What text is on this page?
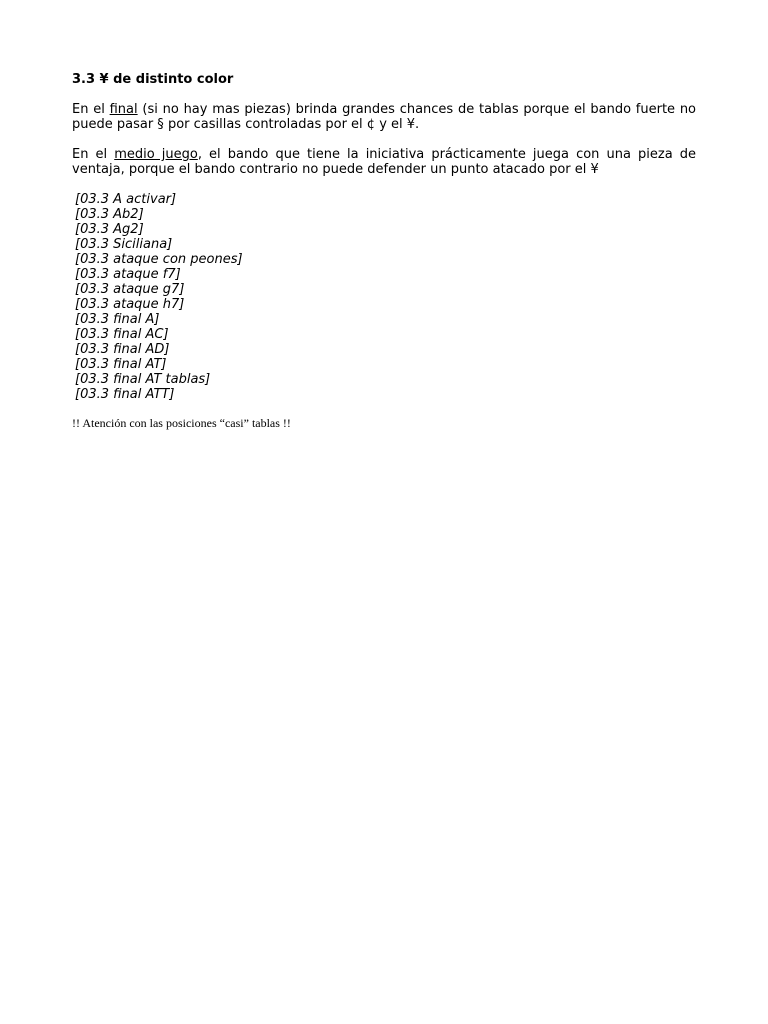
3.3 ¥ de distinto color

En el final (si no hay mas piezas) brinda grandes chances de tablas porque el bando fuerte no puede pasar § por casillas controladas por el ¢ y el ¥.

En el medio juego, el bando que tiene la iniciativa prácticamente juega con una pieza de ventaja, porque el bando contrario no puede defender un punto atacado por el ¥

[03.3 A activar]
[03.3 Ab2]
[03.3 Ag2]
[03.3 Siciliana]
[03.3 ataque con peones]
[03.3 ataque f7]
[03.3 ataque g7]
[03.3 ataque h7]
[03.3 final A]
[03.3 final AC]
[03.3 final AD]
[03.3 final AT]
[03.3 final AT tablas]
[03.3 final ATT]

!! Atención con las posiciones “casi” tablas !!
